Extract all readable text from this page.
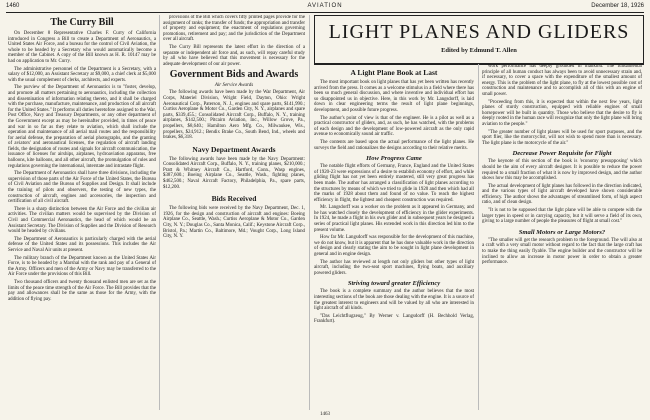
1460	AVIATION	December 18, 1926
The Curry Bill

On December 8 Representative Charles F. Curry of California introduced in Congress a Bill to create a Department of Aeronautics, a United States Air Force, and a bureau for the control of Civil Aviation, the whole to be headed by a Secretary who would automatically become a member of the Cabinet. A copy of the Bill known as H. R. 10147 may be had on application to Mr. Curry.

The administrative personnel of the Department is a Secretary, with a salary of $12,000, an Assistant Secretary at $9,000, a chief clerk at $5,000 with the usual complement of clerks, architects, and experts.

The purview of the Department of Aeronautics is to "foster, develop, and promote all matters pertaining to aeronautics, including the collection and dissemination of information relating thereto, and it shall be charged with the purchase, manufacture, maintenance, and production of all aircraft for the United States." It performs all duties heretofore assigned to the War, Post Office, Navy and Treasury Departments, or any other department of the Government except as may be hereinafter provided, in times of peace and war in so far as they relate to aviation, which shall include the operation and maintenance of all aerial mail routes and the responsibility for aerial defense, the preparation of aerial photographs, and the granting of aviators' and aeronautical licenses, the regulation of aircraft landing fields, the designation of routes and signals for aircraft communication, the issuance of licenses for airships, airplanes, hydroaviation apparatus, free balloons, kite balloons, and all other aircraft, the promulgation of rules and regulations governing the international, interstate and intrastate flight.

The Department of Aeronautics shall have three divisions, including the supervision of those parts of the Air Force of the United States, the Bureau of Civil Aviation and the Bureau of Supplies and Design. It shall include the training of pilots and observers, the testing of new types, the construction of aircraft, engines and accessories, the inspection and certification of all civil aircraft.

There is a sharp distinction between the Air Force and the civilian air activities. The civilian matters would be supervised by the Division of Civil and Commercial Aeronautics, the head of which would be an Assistant Secretary. The Division of Supplies and the Division of Research would be headed by civilians.

The Department of Aeronautics is particularly charged with the aerial defense of the United States and its possessions. This includes the Air Service and Naval Air units at present.

The military branch of the Department known as the United States Air Force, is to be headed by a Marshal with the rank and pay of a General of the Army. Officers and men of the Army or Navy may be transferred to the Air Force under the provisions of this Bill.

Two thousand officers and twenty thousand enlisted men are set as the limits of the peace time strength of the Air Force. The Bill provides that the pay and allowances shall be the same as those for the Army, with the addition of flying pay.

provisions of the Bill which covers fifty printed pages provide for the assignment of ranks; the transfer of funds; the appropriation and transfer of property and equipment; the enactment of regulations governing promotions, retirement and pay; and the jurisdiction of the Department over all aircraft.

The Curry Bill represents the latest effort in the direction of a separate or independent air force and, as such, will repay careful study by all who have believed that this movement is necessary for the adequate development of our air power.

Government Bids and Awards
Air Service Awards

The following awards have been made by the War Department, Air Corps, Materiel Division, Wright Field, Dayton, Ohio: Wright Aeronautical Corp., Paterson, N. J., engines and spare parts, $141,990.; Curtiss Aeroplane & Motor Co., Garden City, N. Y., airplanes and spare parts, $339,455.; Consolidated Aircraft Corp., Buffalo, N. Y., training airplanes, $142,500.; Pitcairn Aviation, Inc., Willow Grove, Pa., propellers, $8,640.; Hamilton Aero Mfg. Co., Milwaukee, Wis., propellers, $24,912.; Bendix Brake Co., South Bend, Ind., wheels and brakes, $6,318.

Navy Department Awards

The following awards have been made by the Navy Department: Consolidated Aircraft Corp., Buffalo, N. Y., training planes, $210,000.; Pratt & Whitney Aircraft Co., Hartford, Conn., Wasp engines, $387,600.; Boeing Airplane Co., Seattle, Wash., fighting planes, $462,500.; Naval Aircraft Factory, Philadelphia, Pa., spare parts, $12,200.

Bids Received

The following bids were received by the Navy Department, Dec. 1, 1926, for the design and construction of aircraft and engines: Boeing Airplane Co., Seattle, Wash.; Curtiss Aeroplane & Motor Co., Garden City, N. Y.; Douglas Co., Santa Monica, Calif.; Keystone Aircraft Corp., Bristol, Pa.; Martin Co., Baltimore, Md.; Vought Corp., Long Island City, N. Y.

LIGHT PLANES AND GLIDERS
Edited by Edmund T. Allen
A Light Plane Book at Last

The most important book on light planes that has yet been written has recently arrived from the press. It comes as a welcome stimulus in a field where there has been so much general discussion, and where inventive and individual effort has so disappointed us in objective. Here, in this work by Mr. Langsdorff, is laid down in clear engineering terms the result of light plane beginnings, development, and possible future progress.

The author's point of view is that of the engineer. He is a pilot as well as a practical constructor of gliders, and, as such, he has watched, with the problems of each design and the development of low-powered aircraft as the only rapid avenue to economically sound air traffic.

The contents are based upon the actual performance of the light planes. He surveys the field and rationalizes the designs according to their relative merits.

How Progress Came

The notable flight efforts of Germany, France, England and the United States of 1920-23 were expressions of a desire to establish economy of effort, and while gliding flight has not yet been entirely mastered, still very great progress has been made. The author has arranged a classification of light planes according to the structures by means of which we tried to glide in 1920 and then which had all the marks of 1928 about them and found of no value. To reach the highest efficiency in flight, the lightest and cheapest construction was required.

Mr. Langsdorff was a worker on the problem as it appeared in Germany, and he has watched closely the development of efficiency in the glider experiments. In 1924, he made a flight in his own glider and in subsequent years he designed a series of practical light planes. His extended work in this direction led him to the present volume.

How far Mr. Langsdorff was responsible for the development of this machine, we do not know, but it is apparent that he has done valuable work in the direction of design and clearly stating the aim to be sought in light plane development in general and in engine design.

The author has reviewed at length not only gliders but other types of light aircraft, including the two-seat sport machines, flying boats, and auxiliary powered gliders.

Striving toward greater Efficiency

The book is a complete summary and the author believes that the most interesting sections of the book are those dealing with the engine. It is a source of the greatest interest to engineers and will be valued by all who are interested in light aircraft of all kinds.

"Das Leichtflugzeug," By Werner v. Langsdorff (H. Bechhold Verlag, Frankfurt).

work performance has deeply grounded in mankind. The fundamental principle of all human conduct has always been to avoid unnecessary strain and, if necessary, to cover a space with the expenditure of the smallest amount of energy. This is the problem of the light plane, to fly at the lowest possible cost of construction and maintenance and to accomplish all of this with an engine of small power.

"Proceeding from this, it is expected that within the next few years, light planes of sturdy construction, equipped with reliable engines of small horsepower will be built in quantity. Those who believe that the desire to fly is deeply rooted in the human race will recognize that only the light plane will bring aviation to the people."

"The greater number of light planes will be used for sport purposes, and the sport flier, like the motorcyclist, will not wish to spend more than is necessary. The light plane is the motorcycle of the air."

Decrease Power Requisite for Flight

The keynote of this section of the book is 'economy presupposing' which should be the aim of every aircraft designer. It is possible to reduce the power required to a small fraction of what it is now by improved design, and the author shows how this may be accomplished.

The actual development of light planes has followed in the direction indicated, and the various types of light aircraft developed have shown considerable efficiency. The author shows the advantages of streamlined form, of high aspect ratio, and of clean design.

"It is not to be supposed that the light plane will be able to compete with the larger types in speed or in carrying capacity, but it will serve a field of its own, giving to a large number of people the pleasures of flight at small cost."

Small Motors or Large Motors?

"The smaller will get the research problem to the foreground. The will also at a craft with a very small motor without regard to the fact that the large craft has to make the thing easily flyable. The engine builder and the constructor will be inclined to allow an increase in motor power in order to obtain a greater performance.

1463
